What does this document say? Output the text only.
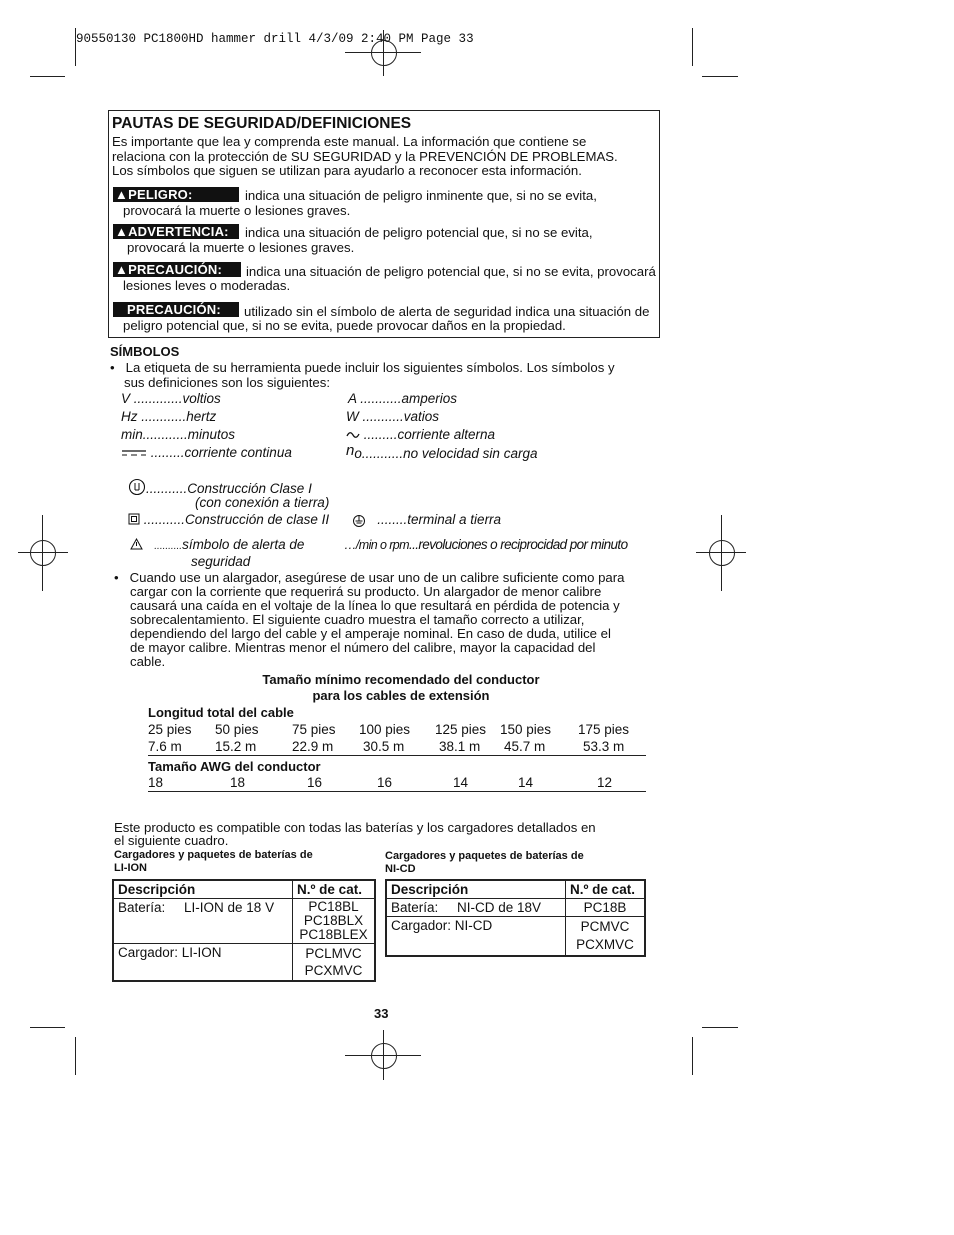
90550130 PC1800HD hammer drill 4/3/09 2:40 PM Page 33
PAUTAS DE SEGURIDAD/DEFINICIONES
Es importante que lea y comprenda este manual. La información que contiene se
relaciona con la protección de SU SEGURIDAD y la PREVENCIÓN DE PROBLEMAS.
Los símbolos que siguen se utilizan para ayudarlo a reconocer esta información.
▲PELIGRO:	indica una situación de peligro inminente que, si no se evita,
provocará la muerte o lesiones graves.
▲ADVERTENCIA:	indica una situación de peligro potencial que, si no se evita,
provocará la muerte o lesiones graves.
▲PRECAUCIÓN:	indica una situación de peligro potencial que, si no se evita, provocará
lesiones leves o moderadas.
PRECAUCIÓN:	utilizado sin el símbolo de alerta de seguridad indica una situación de
peligro potencial que, si no se evita, puede provocar daños en la propiedad.
SÍMBOLOS
•   La etiqueta de su herramienta puede incluir los siguientes símbolos. Los símbolos y
sus definiciones son los siguientes:
V .............voltios
Hz ............hertz
min............minutos
.........corriente continua
A ...........amperios
W ...........vatios
.........corriente alterna
no...........no velocidad sin carga
...........Construcción Clase I
(con conexión a tierra)
...........Construcción de clase II	........terminal a tierra
..........símbolo de alerta de
seguridad
…/min o rpm...revoluciones o reciprocidad por minuto
•   Cuando use un alargador, asegúrese de usar uno de un calibre suficiente como para
cargar con la corriente que requerirá su producto. Un alargador de menor calibre
causará una caída en el voltaje de la línea lo que resultará en pérdida de potencia y
sobrecalentamiento. El siguiente cuadro muestra el tamaño correcto a utilizar,
dependiendo del largo del cable y el amperaje nominal. En caso de duda, utilice el
de mayor calibre. Mientras menor el número del calibre, mayor la capacidad del
cable.
Tamaño mínimo recomendado del conductor
para los cables de extensión
Longitud total del cable
25 pies 50 pies 75 pies 100 pies 125 pies 150 pies 175 pies
7.6 m 15.2 m	22.9 m 30.5 m	38.1 m 45.7 m	53.3 m
Tamaño AWG del conductor
18	18	16	16	14	14	12
Este producto es compatible con todas las baterías y los cargadores detallados en
el siguiente cuadro.
Cargadores y paquetes de baterías de
LI-ION
Cargadores y paquetes de baterías de
NI-CD
Descripción	N.º de cat.
Batería:     LI-ION de 18 V	PC18BL
PC18BLX
PC18BLEX

Cargador: LI-ION	PCLMVC
PCXMVC
Descripción	N.º de cat.
Batería:     NI-CD de 18V	PC18B
Cargador: NI-CD	PCMVC
PCXMVC
33
